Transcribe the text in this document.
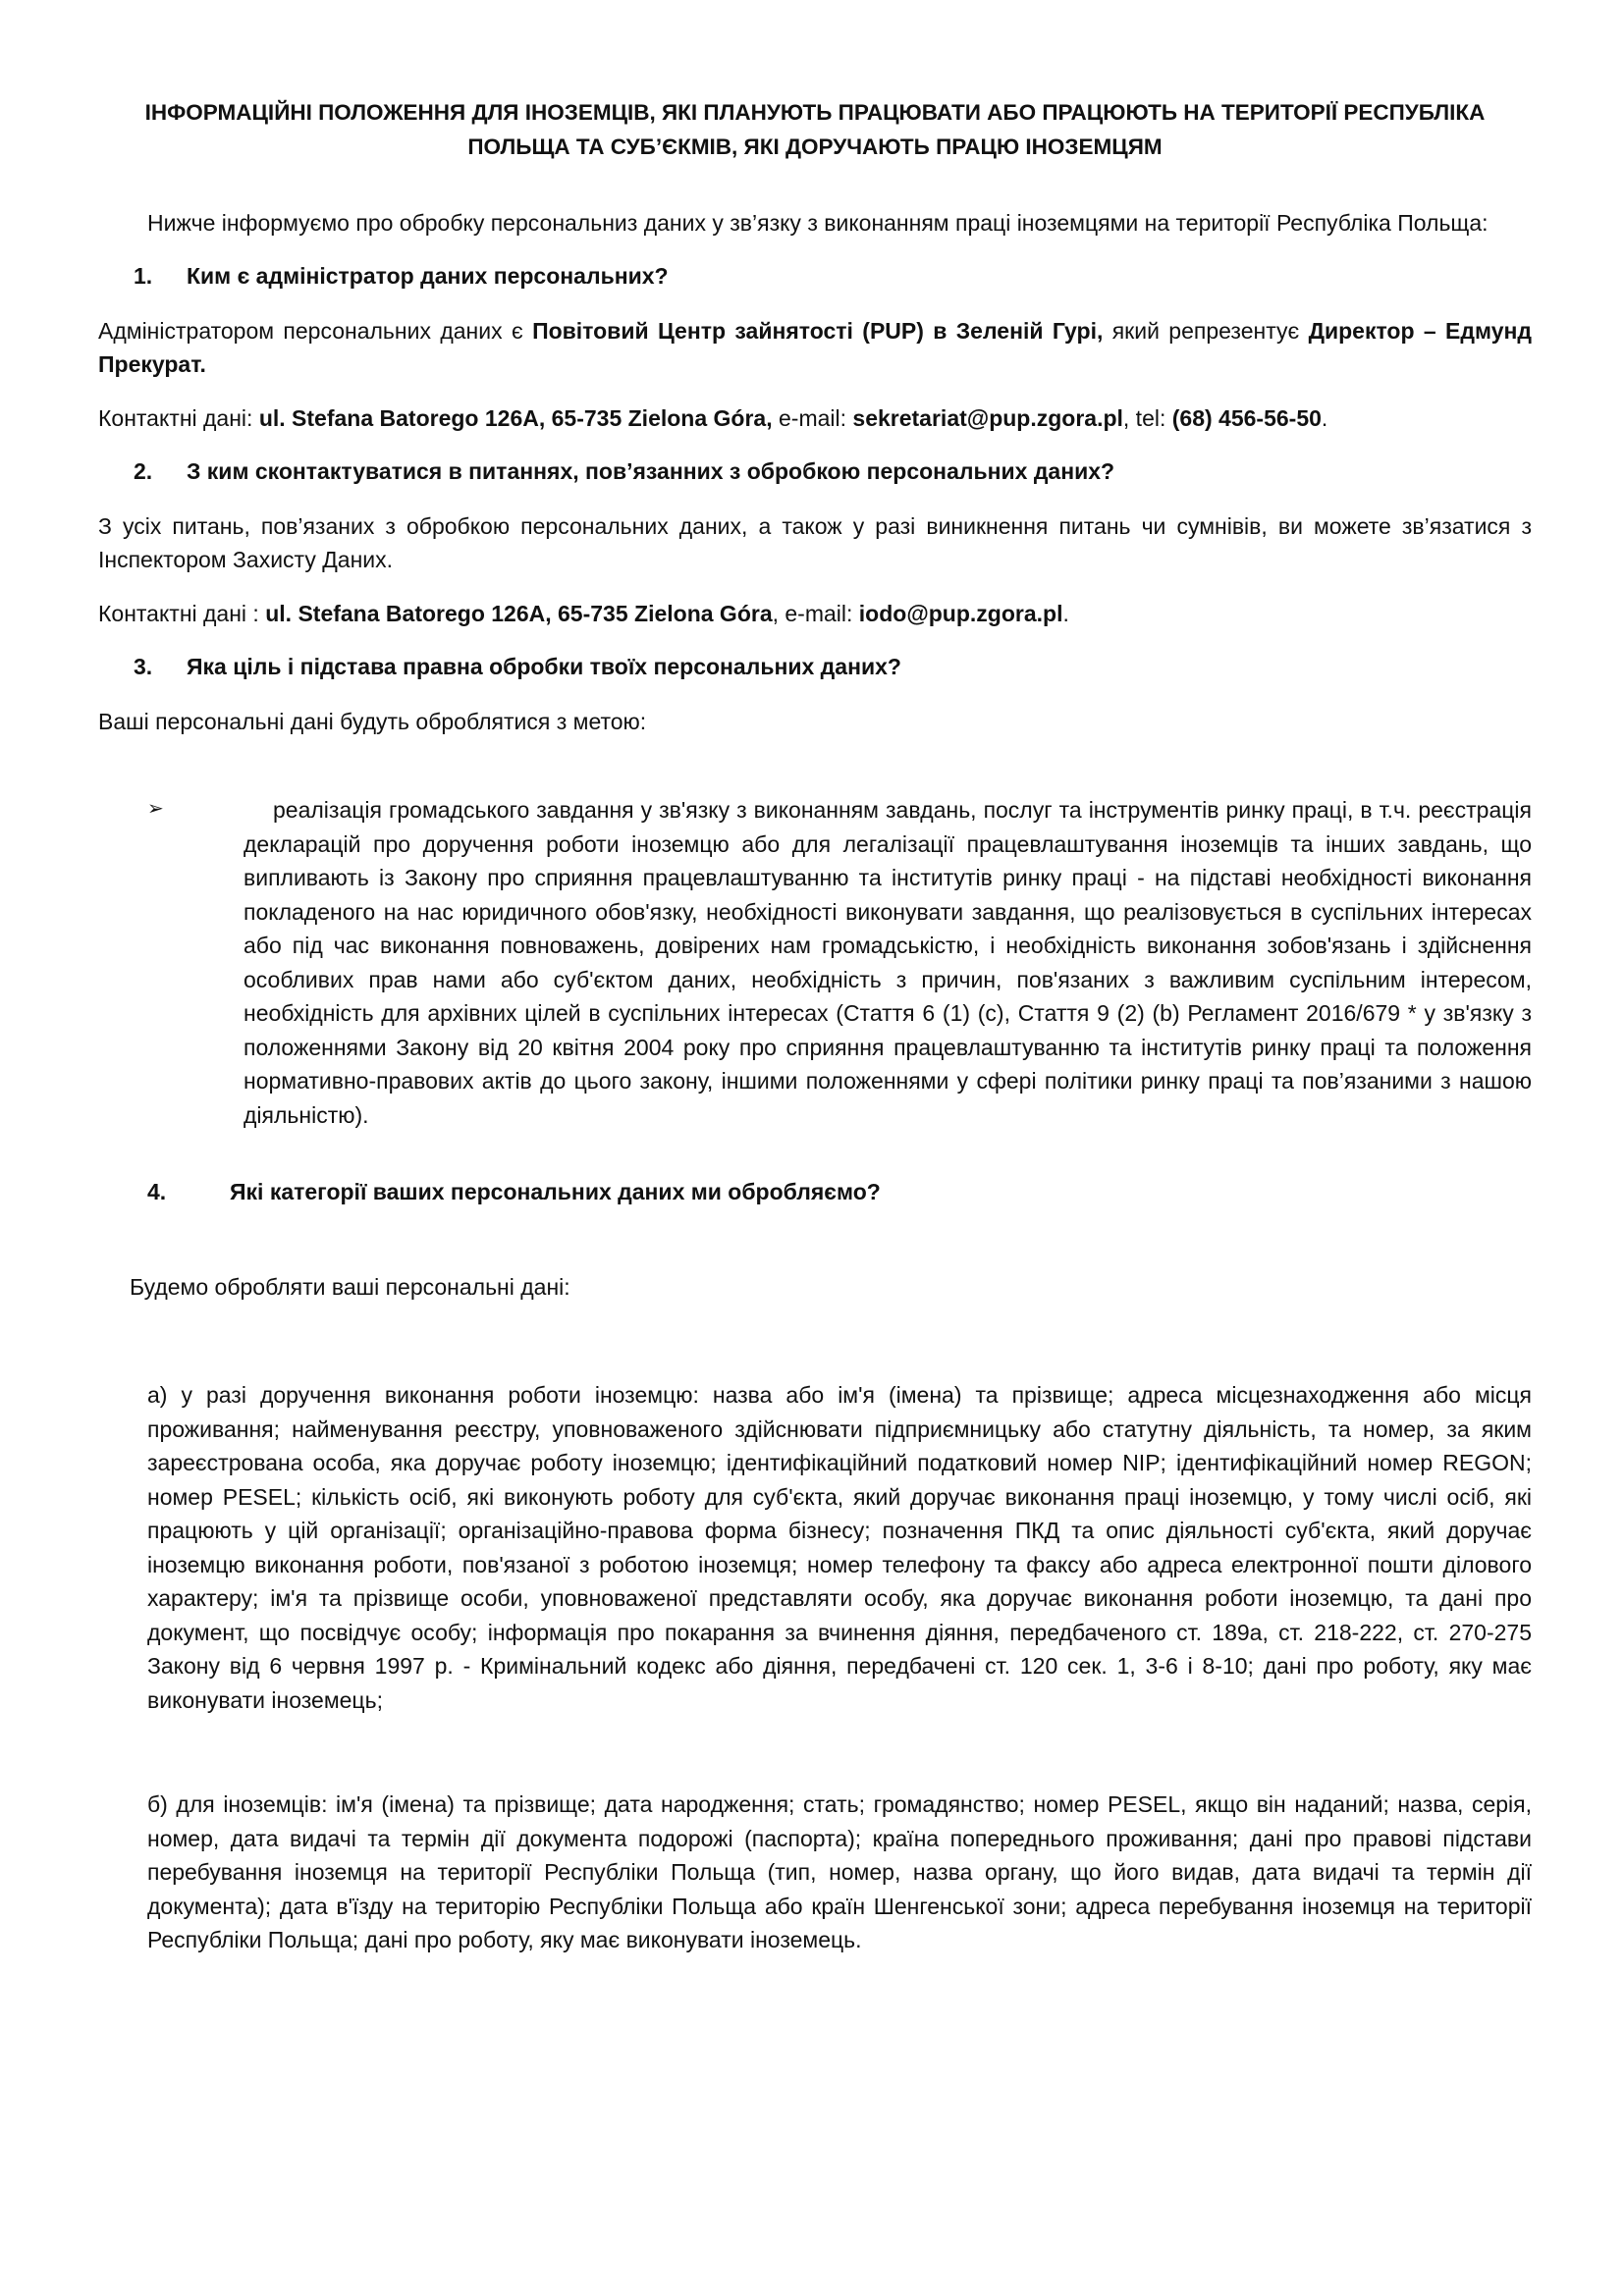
ІНФОРМАЦІЙНІ ПОЛОЖЕННЯ ДЛЯ ІНОЗЕМЦІВ, ЯКІ ПЛАНУЮТЬ ПРАЦЮВАТИ АБО ПРАЦЮЮТЬ НА ТЕРИТОРІЇ РЕСПУБЛІКА ПОЛЬЩА ТА СУБ’ЄКМІВ, ЯКІ ДОРУЧАЮТЬ ПРАЦЮ ІНОЗЕМЦЯМ

Нижче інформуємо про обробку персональниз даних у зв’язку з виконанням праці іноземцями на території Республіка Польща:

1.	Ким є адміністратор даних персональних?

Адміністратором персональних даних є Повітовий Центр зайнятості (PUP) в Зеленій Гурі, який репрезентує Директор – Едмунд Прекурат.

Контактні дані: ul. Stefana Batorego 126A, 65-735 Zielona Góra, e-mail: sekretariat@pup.zgora.pl, tel: (68) 456-56-50.

2.	З ким сконтактуватися в питаннях, пов’язанних з обробкою персональних даних?

З усіх питань, пов’язаних з обробкою персональних даних, а також у разі виникнення питань чи сумнівів, ви можете зв’язатися з Інспектором Захисту Даних.

Контактні дані : ul. Stefana Batorego 126A, 65-735 Zielona Góra, e-mail: iodo@pup.zgora.pl.

3.	Яка ціль і підстава правна обробки твоїх персональних даних?

Ваші персональні дані будуть оброблятися з метою:

➢	реалізація громадського завдання у зв'язку з виконанням завдань, послуг та інструментів ринку праці, в т.ч. реєстрація декларацій про доручення роботи іноземцю або для легалізації працевлаштування іноземців та інших завдань, що випливають із Закону про сприяння працевлаштуванню та інститутів ринку праці - на підставі необхідності виконання покладеного на нас юридичного обов'язку, необхідності виконувати завдання, що реалізовується в суспільних інтересах або під час виконання повноважень, довірених нам громадськістю, і необхідність виконання зобов'язань і здійснення особливих прав нами або суб'єктом даних, необхідність з причин, пов'язаних з важливим суспільним інтересом, необхідність для архівних цілей в суспільних інтересах (Стаття 6 (1) (c), Стаття 9 (2) (b) Регламент 2016/679 * у зв'язку з положеннями Закону від 20 квітня 2004 року про сприяння працевлаштуванню та інститутів ринку праці та положення нормативно-правових актів до цього закону, іншими положеннями у сфері політики ринку праці та пов’язаними з нашою діяльністю).

4.	Які категорії ваших персональних даних ми обробляємо?

Будемо обробляти ваші персональні дані:

а) у разі доручення виконання роботи іноземцю: назва або ім'я (імена) та прізвище; адреса місцезнаходження або місця проживання; найменування реєстру, уповноваженого здійснювати підприємницьку або статутну діяльність, та номер, за яким зареєстрована особа, яка доручає роботу іноземцю; ідентифікаційний податковий номер NIP; ідентифікаційний номер REGON; номер PESEL; кількість осіб, які виконують роботу для суб'єкта, який доручає виконання праці іноземцю, у тому числі осіб, які працюють у цій організації; організаційно-правова форма бізнесу; позначення ПКД та опис діяльності суб'єкта, який доручає іноземцю виконання роботи, пов'язаної з роботою іноземця; номер телефону та факсу або адреса електронної пошти ділового характеру; ім'я та прізвище особи, уповноваженої представляти особу, яка доручає виконання роботи іноземцю, та дані про документ, що посвідчує особу; інформація про покарання за вчинення діяння, передбаченого ст. 189а, ст. 218-222, ст. 270-275 Закону від 6 червня 1997 р. - Кримінальний кодекс або діяння, передбачені ст. 120 сек. 1, 3-6 і 8-10; дані про роботу, яку має виконувати іноземець;

б) для іноземців: ім'я (імена) та прізвище; дата народження; стать; громадянство; номер PESEL, якщо він наданий; назва, серія, номер, дата видачі та термін дії документа подорожі (паспорта); країна попереднього проживання; дані про правові підстави перебування іноземця на території Республіки Польща (тип, номер, назва органу, що його видав, дата видачі та термін дії документа); дата в'їзду на територію Республіки Польща або країн Шенгенської зони; адреса перебування іноземця на території Республіки Польща; дані про роботу, яку має виконувати іноземець.
